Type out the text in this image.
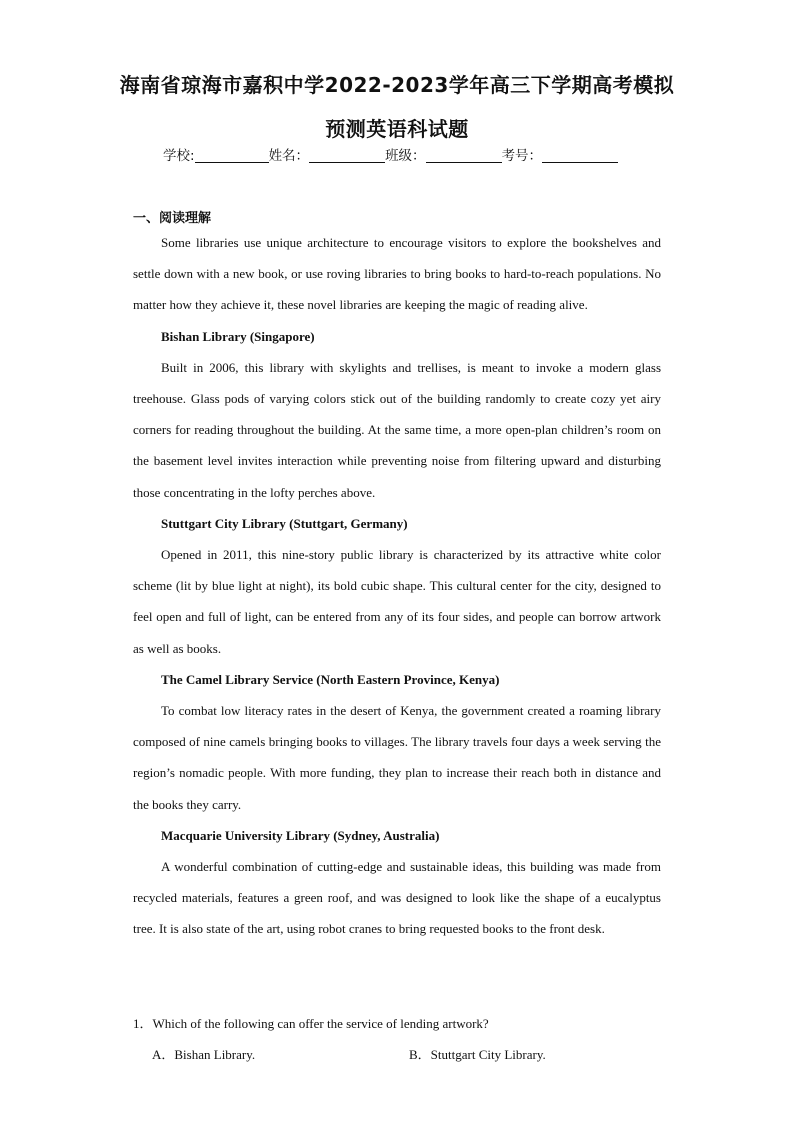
海南省琼海市嘉积中学2022-2023学年高三下学期高考模拟
预测英语科试题
学校:	姓名：	班级：	考号：
一、阅读理解

Some libraries use unique architecture to encourage visitors to explore the bookshelves and settle down with a new book, or use roving libraries to bring books to hard-to-reach populations. No matter how they achieve it, these novel libraries are keeping the magic of reading alive.

Bishan Library (Singapore)

Built in 2006, this library with skylights and trellises, is meant to invoke a modern glass treehouse. Glass pods of varying colors stick out of the building randomly to create cozy yet airy corners for reading throughout the building. At the same time, a more open-plan children’s room on the basement level invites interaction while preventing noise from filtering upward and disturbing those concentrating in the lofty perches above.

Stuttgart City Library (Stuttgart, Germany)

Opened in 2011, this nine-story public library is characterized by its attractive white color scheme (lit by blue light at night), its bold cubic shape. This cultural center for the city, designed to feel open and full of light, can be entered from any of its four sides, and people can borrow artwork as well as books.

The Camel Library Service (North Eastern Province, Kenya)

To combat low literacy rates in the desert of Kenya, the government created a roaming library composed of nine camels bringing books to villages. The library travels four days a week serving the region’s nomadic people. With more funding, they plan to increase their reach both in distance and the books they carry.

Macquarie University Library (Sydney, Australia)

A wonderful combination of cutting-edge and sustainable ideas, this building was made from recycled materials, features a green roof, and was designed to look like the shape of a eucalyptus tree. It is also state of the art, using robot cranes to bring requested books to the front desk.

1．Which of the following can offer the service of lending artwork?
A．Bishan Library.	B．Stuttgart City Library.
